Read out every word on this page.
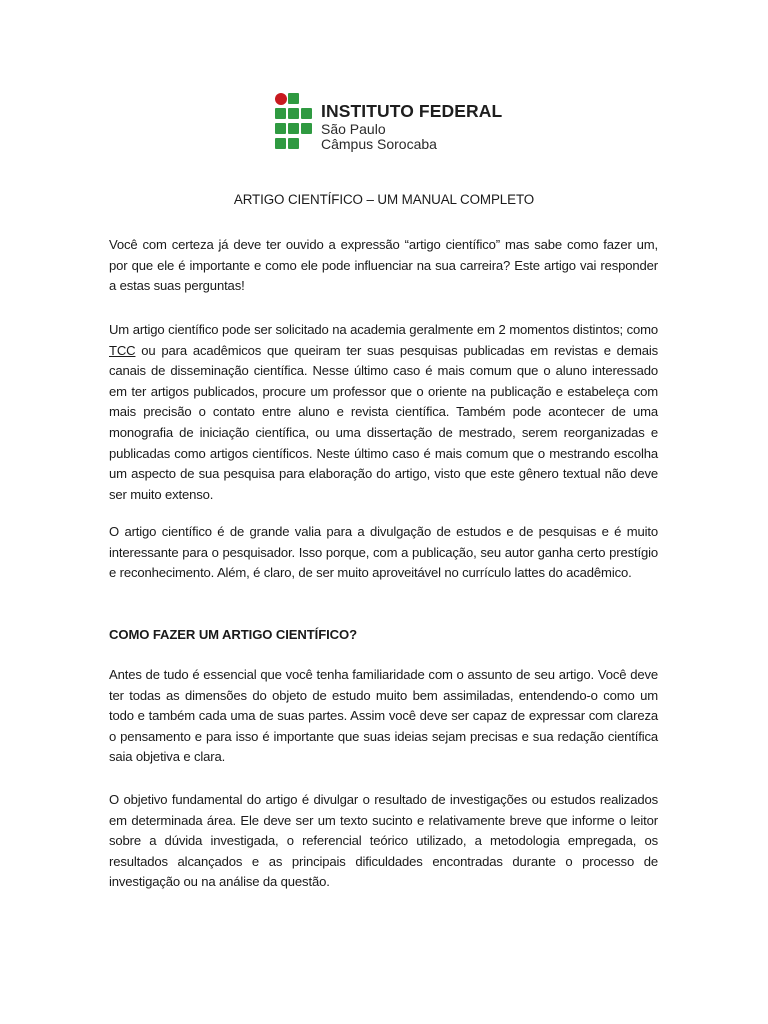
INSTITUTO FEDERAL
São Paulo
Câmpus Sorocaba
ARTIGO CIENTÍFICO – UM MANUAL COMPLETO

Você com certeza já deve ter ouvido a expressão “artigo científico” mas sabe como fazer um, por que ele é importante e como ele pode influenciar na sua carreira? Este artigo vai responder a estas suas perguntas!

Um artigo científico pode ser solicitado na academia geralmente em 2 momentos distintos; como TCC ou para acadêmicos que queiram ter suas pesquisas publicadas em revistas e demais canais de disseminação científica. Nesse último caso é mais comum que o aluno interessado em ter artigos publicados, procure um professor que o oriente na publicação e estabeleça com mais precisão o contato entre aluno e revista científica. Também pode acontecer de uma monografia de iniciação científica, ou uma dissertação de mestrado, serem reorganizadas e publicadas como artigos científicos. Neste último caso é mais comum que o mestrando escolha um aspecto de sua pesquisa para elaboração do artigo, visto que este gênero textual não deve ser muito extenso.

O artigo científico é de grande valia para a divulgação de estudos e de pesquisas e é muito interessante para o pesquisador. Isso porque, com a publicação, seu autor ganha certo prestígio e reconhecimento. Além, é claro, de ser muito aproveitável no currículo lattes do acadêmico.

COMO FAZER UM ARTIGO CIENTÍFICO?

Antes de tudo é essencial que você tenha familiaridade com o assunto de seu artigo. Você deve ter todas as dimensões do objeto de estudo muito bem assimiladas, entendendo-o como um todo e também cada uma de suas partes. Assim você deve ser capaz de expressar com clareza o pensamento e para isso é importante que suas ideias sejam precisas e sua redação científica saia objetiva e clara.

O objetivo fundamental do artigo é divulgar o resultado de investigações ou estudos realizados em determinada área. Ele deve ser um texto sucinto e relativamente breve que informe o leitor sobre a dúvida investigada, o referencial teórico utilizado, a metodologia empregada, os resultados alcançados e as principais dificuldades encontradas durante o processo de investigação ou na análise da questão.
